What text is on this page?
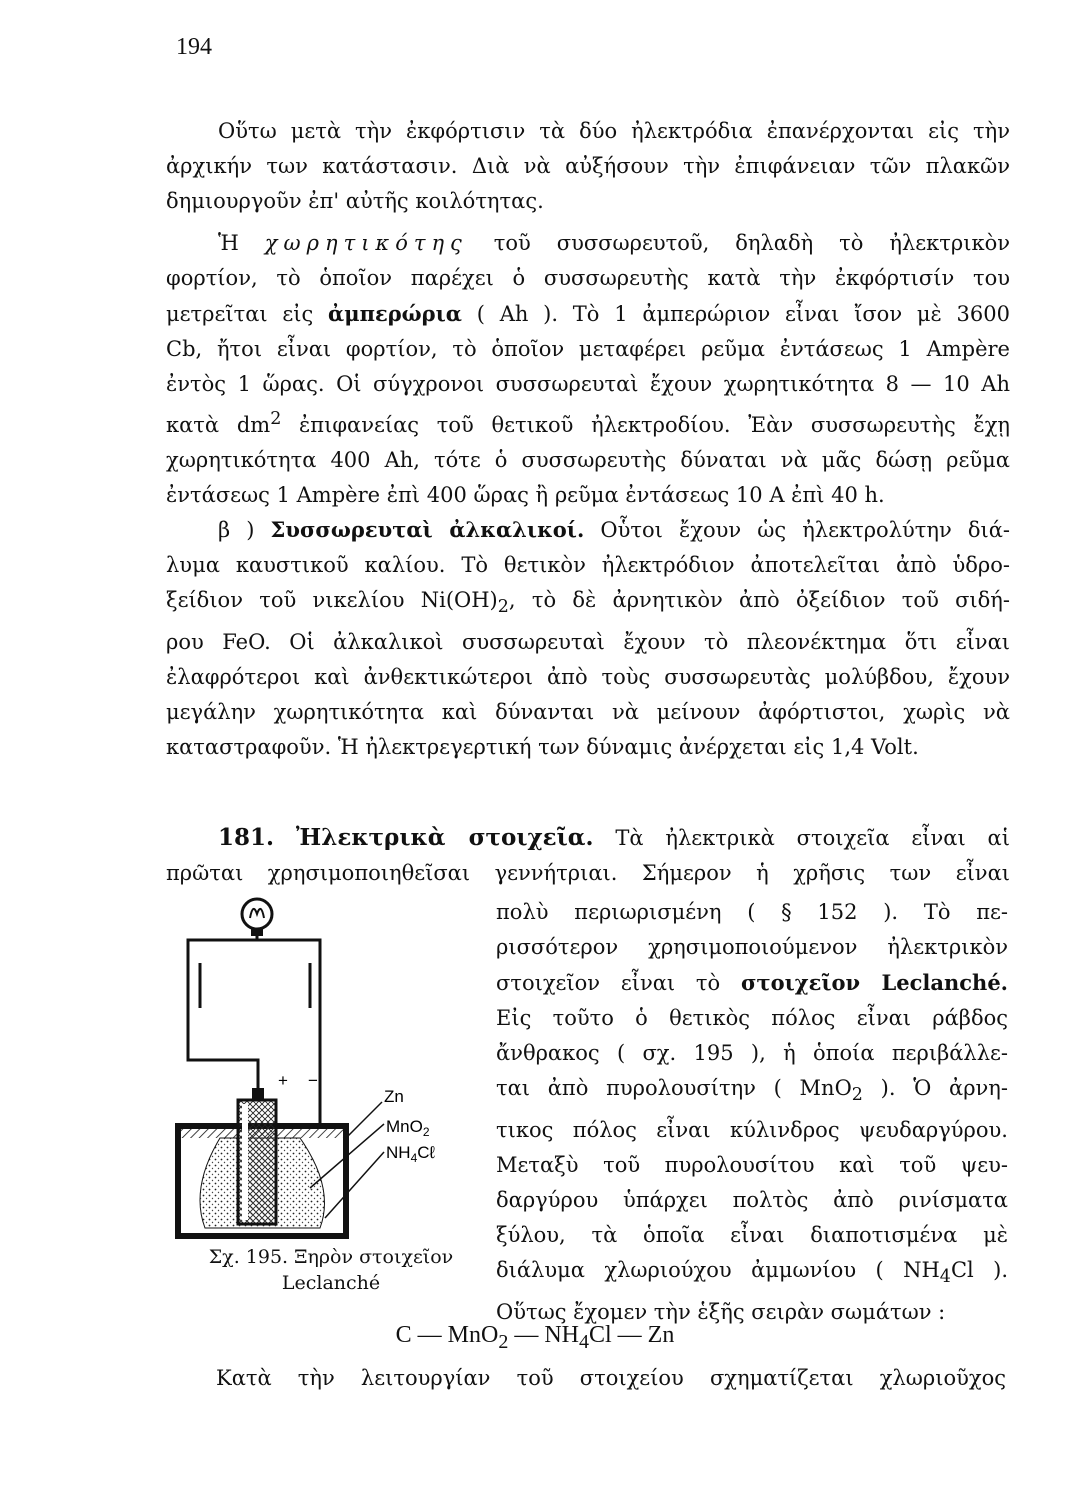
194
Οὕτω μετὰ τὴν ἐκφόρτισιν τὰ δύο ἠλεκτρόδια ἐπανέρχονται εἰς τὴν
ἀρχικήν των κατάστασιν. Διὰ νὰ αὐξήσουν τὴν ἐπιφάνειαν τῶν πλακῶν
δημιουργοῦν ἐπ' αὐτῆς κοιλότητας.
Ἡ χωρητικότης τοῦ συσσωρευτοῦ, δηλαδὴ τὸ ἠλεκτρικὸν
φορτίον, τὸ ὁποῖον παρέχει ὁ συσσωρευτὴς κατὰ τὴν ἐκφόρτισίν του
μετρεῖται εἰς ἀμπερώρια ( Ah ). Τὸ 1 ἀμπερώριον εἶναι ἴσον μὲ 3600
Cb, ἤτοι εἶναι φορτίον, τὸ ὁποῖον μεταφέρει ρεῦμα ἐντάσεως 1 Ampère
ἐντὸς 1 ὥρας. Οἱ σύγχρονοι συσσωρευταὶ ἔχουν χωρητικότητα 8 — 10 Ah
κατὰ $dm^2$ ἐπιφανείας τοῦ θετικοῦ ἠλεκτροδίου. Ἐὰν συσσωρευτὴς ἔχῃ
χωρητικότητα 400 Ah, τότε ὁ συσσωρευτὴς δύναται νὰ μᾶς δώσῃ ρεῦμα
ἐντάσεως 1 Ampère ἐπὶ 400 ὥρας ἢ ρεῦμα ἐντάσεως 10 A ἐπὶ 40 h.
β ) Συσσωρευταὶ ἀλκαλικοί. Οὗτοι ἔχουν ὡς ἠλεκτρολύτην διά-
λυμα καυστικοῦ καλίου. Τὸ θετικὸν ἠλεκτρόδιον ἀποτελεῖται ἀπὸ ὑδρο-
ξείδιον τοῦ νικελίου $Ni(OH)_2$, τὸ δὲ ἀρνητικὸν ἀπὸ ὀξείδιον τοῦ σιδή-
ρου FeO. Οἱ ἀλκαλικοὶ συσσωρευταὶ ἔχουν τὸ πλεονέκτημα ὅτι εἶναι
ἐλαφρότεροι καὶ ἀνθεκτικώτεροι ἀπὸ τοὺς συσσωρευτὰς μολύβδου, ἔχουν
μεγάλην χωρητικότητα καὶ δύνανται νὰ μείνουν ἀφόρτιστοι, χωρὶς νὰ
καταστραφοῦν. Ἡ ἠλεκτρεγερτική των δύναμις ἀνέρχεται εἰς 1,4 Volt.
181. Ἠλεκτρικὰ στοιχεῖα. Τὰ ἠλεκτρικὰ στοιχεῖα εἶναι αἱ
πρῶται χρησιμοποιηθεῖσαι γεννήτριαι. Σήμερον ἡ χρῆσις των εἶναι
+ −
Zn
MnO$_2$
$NH_4C\ell$
Σχ. 195. Ξηρὸν στοιχεῖον
Leclanché
πολὺ περιωρισμένη ( § 152 ). Τὸ πε-
ρισσότερον χρησιμοποιούμενον ἠλεκτρικὸν
στοιχεῖον εἶναι τὸ στοιχεῖον Leclanché.
Εἰς τοῦτο ὁ θετικὸς πόλος εἶναι ράβδος
ἄνθρακος ( σχ. 195 ), ἡ ὁποία περιβάλλε-
ται ἀπὸ πυρολουσίτην ( MnO$_2$ ). Ὁ ἀρνη-
τικος πόλος εἶναι κύλινδρος ψευδαργύρου.
Μεταξὺ τοῦ πυρολουσίτου καὶ τοῦ ψευ-
δαργύρου ὑπάρχει πολτὸς ἀπὸ ρινίσματα
ξύλου, τὰ ὁποῖα εἶναι διαποτισμένα μὲ
διάλυμα χλωριούχου ἀμμωνίου ( $NH_4Cl$ ).
Οὕτως ἔχομεν τὴν ἑξῆς σειρὰν σωμάτων :
C — MnO$_2$ — $NH_4Cl$ — Zn
Κατὰ τὴν λειτουργίαν τοῦ στοιχείου σχηματίζεται χλωριοῦχος
